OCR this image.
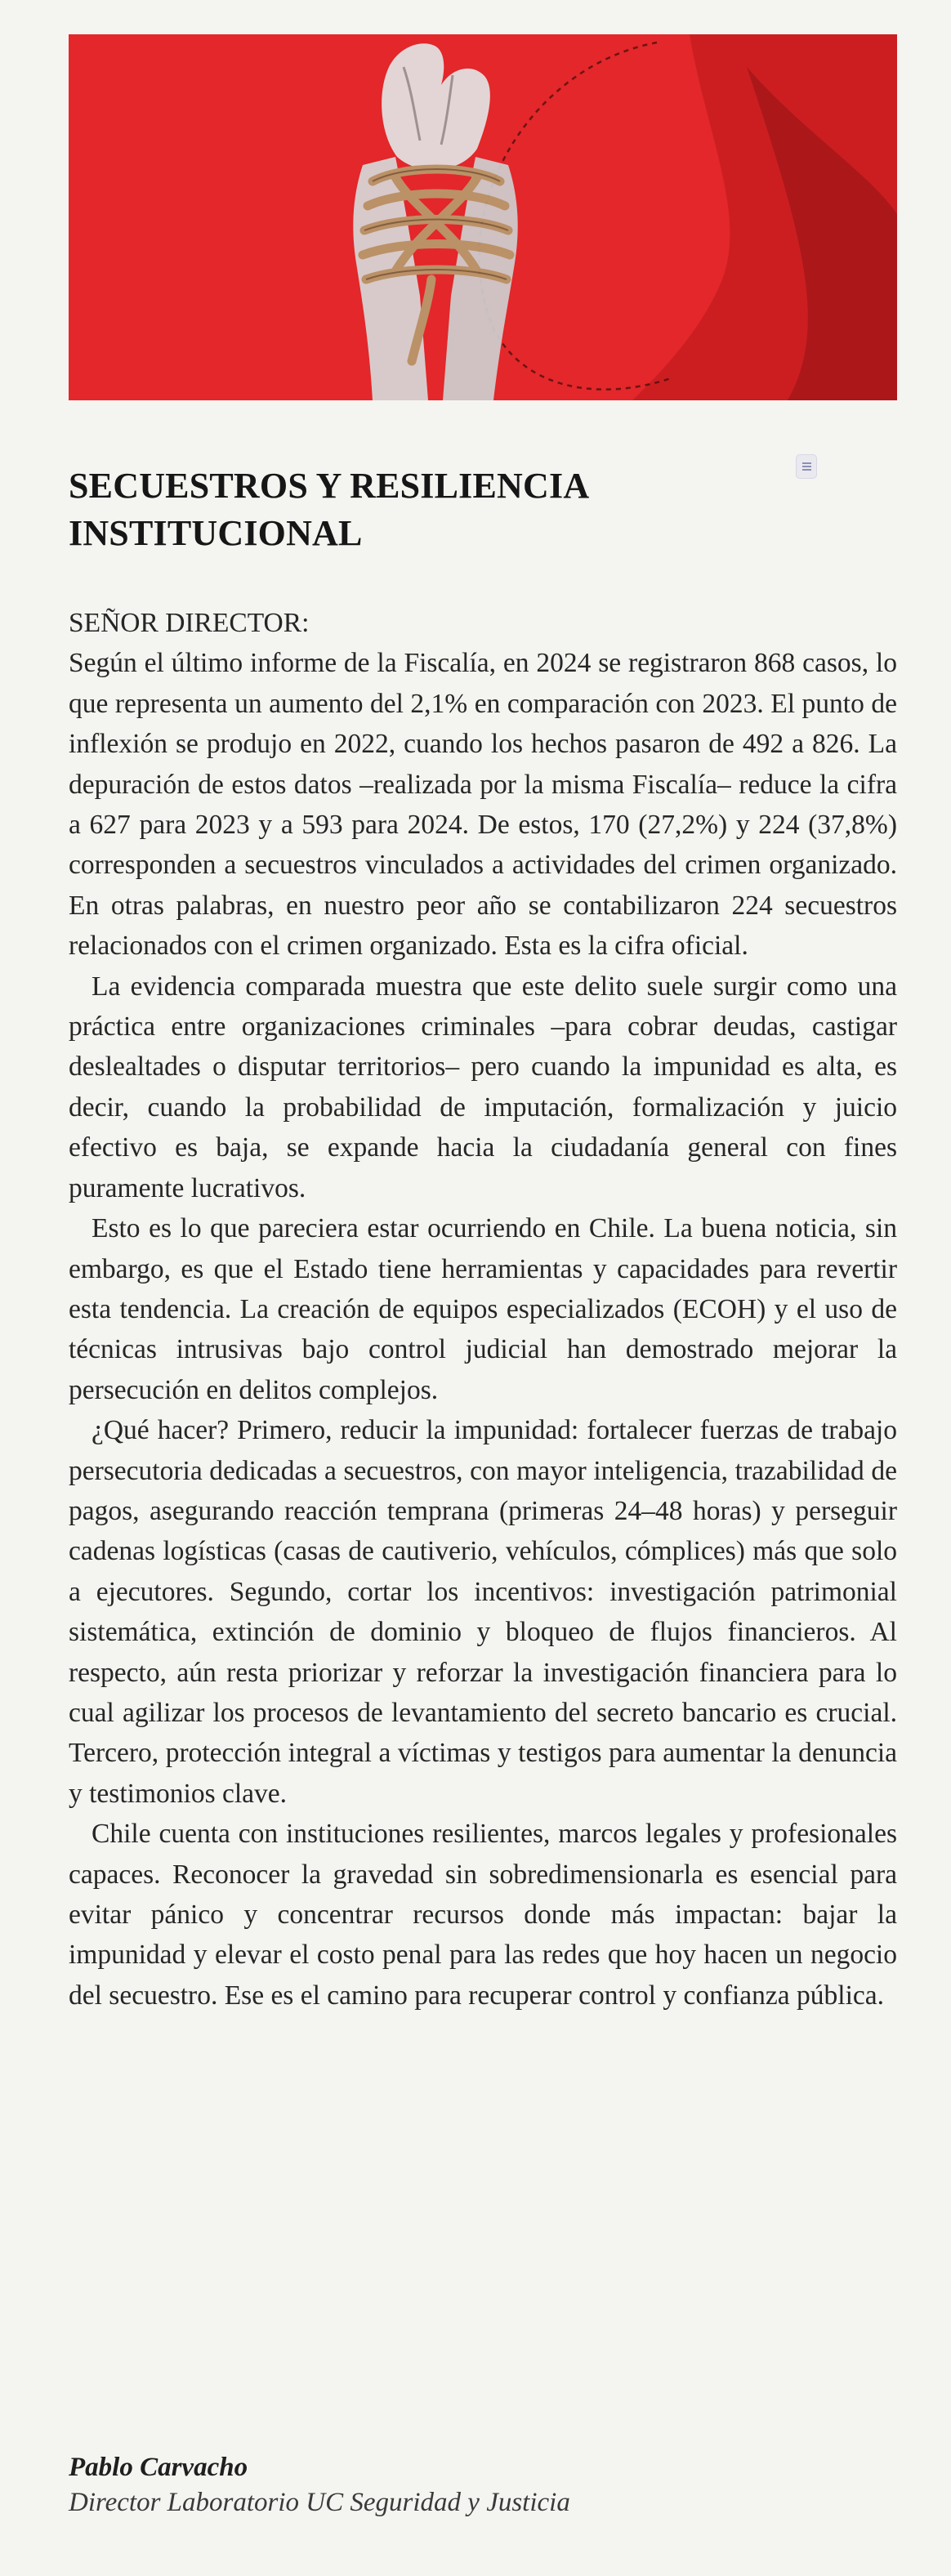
SECUESTROS Y RESILIENCIA
INSTITUCIONAL
SEÑOR DIRECTOR:

Según el último informe de la Fiscalía, en 2024 se registraron 868 casos, lo que representa un aumento del 2,1% en comparación con 2023. El punto de inflexión se produjo en 2022, cuando los hechos pasaron de 492 a 826. La depuración de estos datos –realizada por la misma Fiscalía– reduce la cifra a 627 para 2023 y a 593 para 2024. De estos, 170 (27,2%) y 224 (37,8%) corresponden a secuestros vinculados a actividades del crimen organizado. En otras palabras, en nuestro peor año se contabilizaron 224 secuestros relacionados con el crimen organizado. Esta es la cifra oficial.

La evidencia comparada muestra que este delito suele surgir como una práctica entre organizaciones criminales –para cobrar deudas, castigar deslealtades o disputar territorios– pero cuando la impunidad es alta, es decir, cuando la probabilidad de imputación, formalización y juicio efectivo es baja, se expande hacia la ciudadanía general con fines puramente lucrativos.

Esto es lo que pareciera estar ocurriendo en Chile. La buena noticia, sin embargo, es que el Estado tiene herramientas y capacidades para revertir esta tendencia. La creación de equipos especializados (ECOH) y el uso de técnicas intrusivas bajo control judicial han demostrado mejorar la persecución en delitos complejos.

¿Qué hacer? Primero, reducir la impunidad: fortalecer fuerzas de trabajo persecutoria dedicadas a secuestros, con mayor inteligencia, trazabilidad de pagos, asegurando reacción temprana (primeras 24–48 horas) y perseguir cadenas logísticas (casas de cautiverio, vehículos, cómplices) más que solo a ejecutores. Segundo, cortar los incentivos: investigación patrimonial sistemática, extinción de dominio y bloqueo de flujos financieros. Al respecto, aún resta priorizar y reforzar la investigación financiera para lo cual agilizar los procesos de levantamiento del secreto bancario es crucial. Tercero, protección integral a víctimas y testigos para aumentar la denuncia y testimonios clave.

Chile cuenta con instituciones resilientes, marcos legales y profesionales capaces. Reconocer la gravedad sin sobredimensionarla es esencial para evitar pánico y concentrar recursos donde más impactan: bajar la impunidad y elevar el costo penal para las redes que hoy hacen un negocio del secuestro. Ese es el camino para recuperar control y confianza pública.

Pablo Carvacho
Director Laboratorio UC Seguridad y Justicia
